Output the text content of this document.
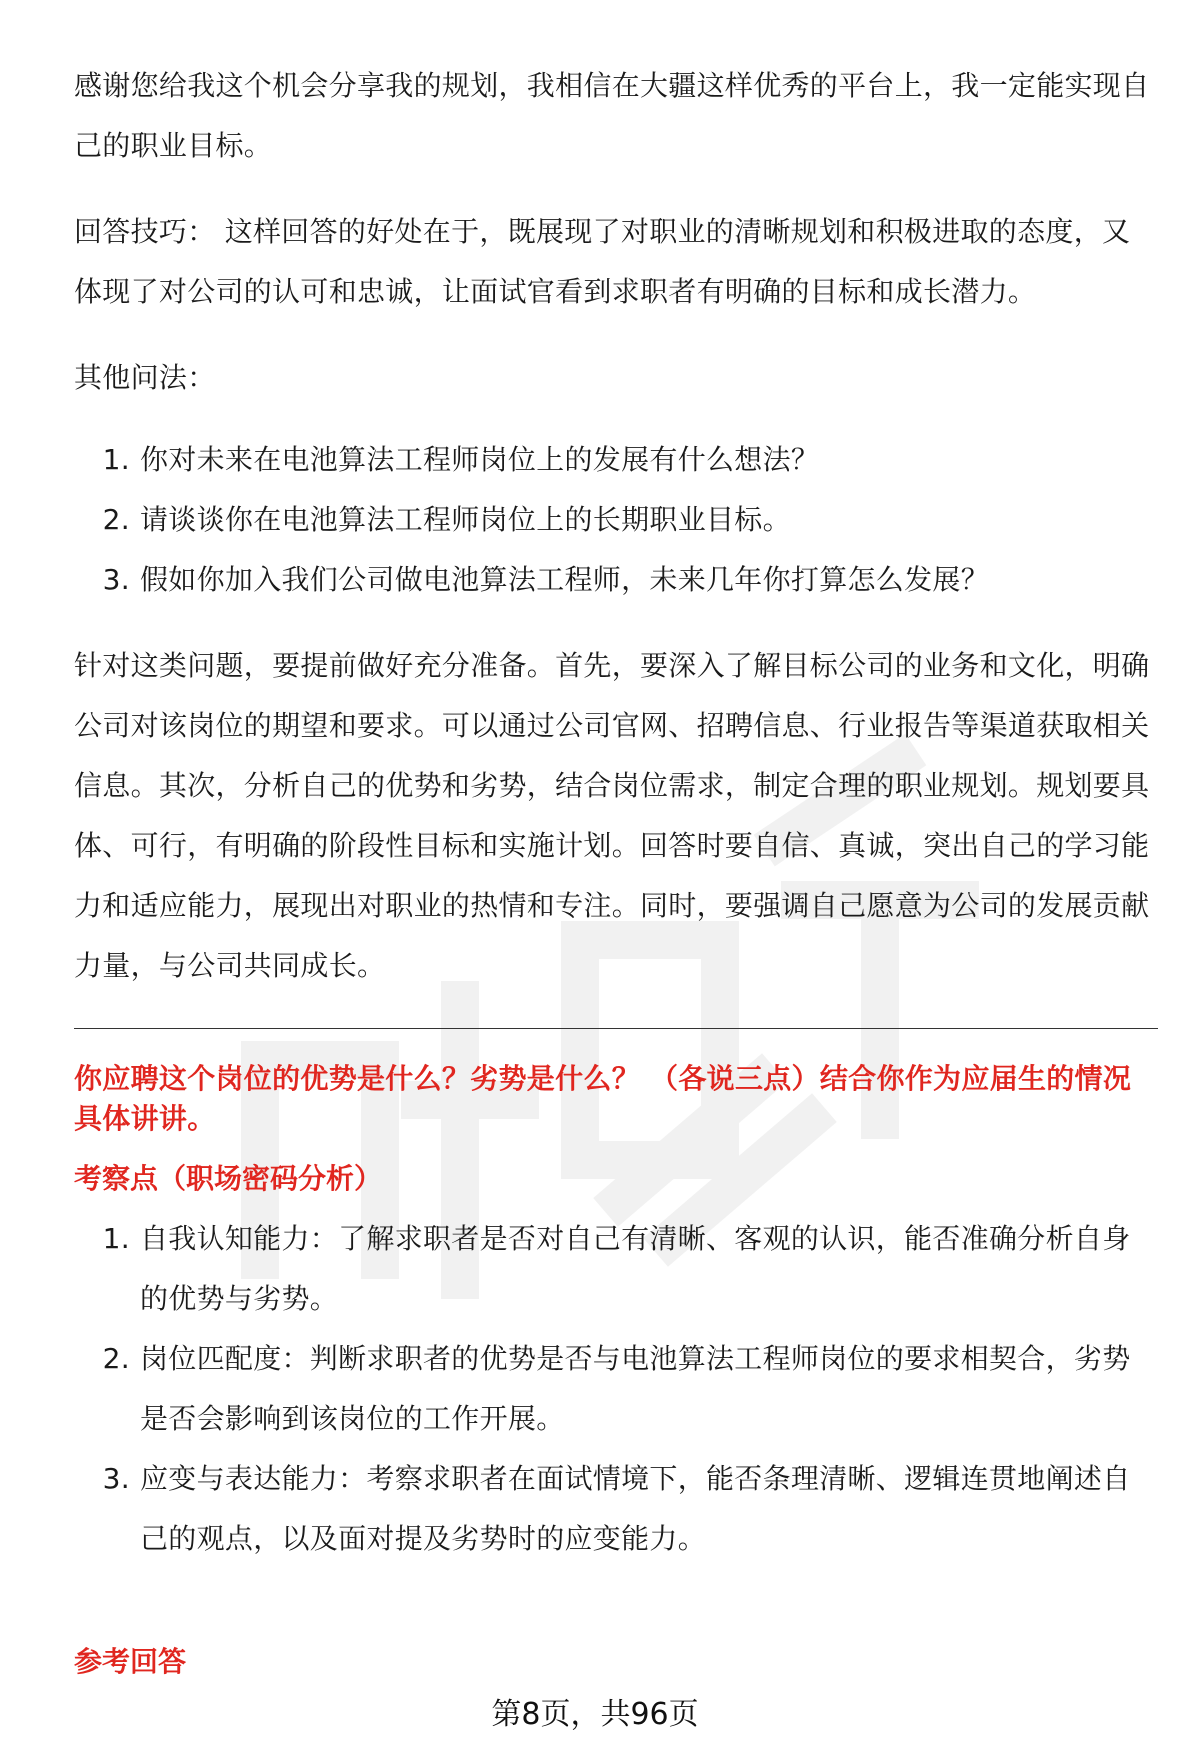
感谢您给我这个机会分享我的规划，我相信在大疆这样优秀的平台上，我一定能实现自己的职业目标。

回答技巧： 这样回答的好处在于，既展现了对职业的清晰规划和积极进取的态度，又体现了对公司的认可和忠诚，让面试官看到求职者有明确的目标和成长潜力。

其他问法：

1. 你对未来在电池算法工程师岗位上的发展有什么想法？
2. 请谈谈你在电池算法工程师岗位上的长期职业目标。
3. 假如你加入我们公司做电池算法工程师，未来几年你打算怎么发展？

针对这类问题，要提前做好充分准备。首先，要深入了解目标公司的业务和文化，明确公司对该岗位的期望和要求。可以通过公司官网、招聘信息、行业报告等渠道获取相关信息。其次，分析自己的优势和劣势，结合岗位需求，制定合理的职业规划。规划要具体、可行，有明确的阶段性目标和实施计划。回答时要自信、真诚，突出自己的学习能力和适应能力，展现出对职业的热情和专注。同时，要强调自己愿意为公司的发展贡献力量，与公司共同成长。

你应聘这个岗位的优势是什么？劣势是什么？ （各说三点）结合你作为应届生的情况具体讲讲。

考察点（职场密码分析）

1. 自我认知能力：了解求职者是否对自己有清晰、客观的认识，能否准确分析自身的优势与劣势。
2. 岗位匹配度：判断求职者的优势是否与电池算法工程师岗位的要求相契合，劣势是否会影响到该岗位的工作开展。
3. 应变与表达能力：考察求职者在面试情境下，能否条理清晰、逻辑连贯地阐述自己的观点，以及面对提及劣势时的应变能力。
参考回答
第8页，共96页
